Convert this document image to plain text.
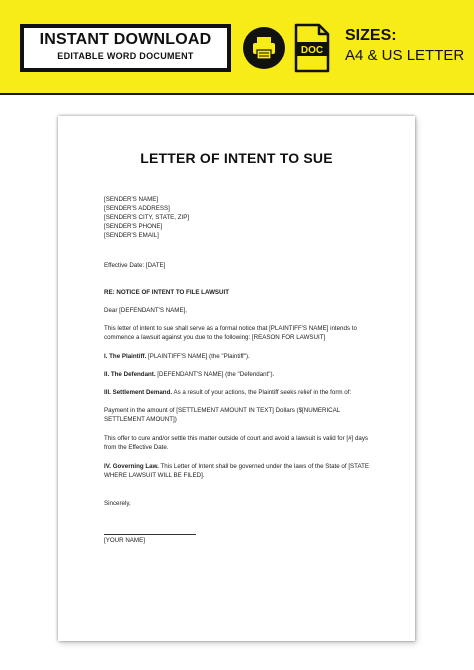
INSTANT DOWNLOAD
EDITABLE WORD DOCUMENT	DOC
SIZES:
A4 & US LETTER
LETTER OF INTENT TO SUE
[SENDER'S NAME]
[SENDER'S ADDRESS]
[SENDER'S CITY, STATE, ZIP]
[SENDER'S PHONE]
[SENDER'S EMAIL]
Effective Date: [DATE]
RE: NOTICE OF INTENT TO FILE LAWSUIT
Dear [DEFENDANT'S NAME],
This letter of intent to sue shall serve as a formal notice that [PLAINTIFF'S NAME] intends to commence a lawsuit against you due to the following: [REASON FOR LAWSUIT]
I. The Plaintiff. [PLAINTIFF'S NAME] (the "Plaintiff").
II. The Defendant. [DEFENDANT'S NAME] (the "Defendant").
III. Settlement Demand. As a result of your actions, the Plaintiff seeks relief in the form of:
Payment in the amount of [SETTLEMENT AMOUNT IN TEXT] Dollars ($[NUMERICAL SETTLEMENT AMOUNT])
This offer to cure and/or settle this matter outside of court and avoid a lawsuit is valid for [#] days from the Effective Date.
IV. Governing Law. This Letter of Intent shall be governed under the laws of the State of [STATE WHERE LAWSUIT WILL BE FILED].
Sincerely,
[YOUR NAME]
